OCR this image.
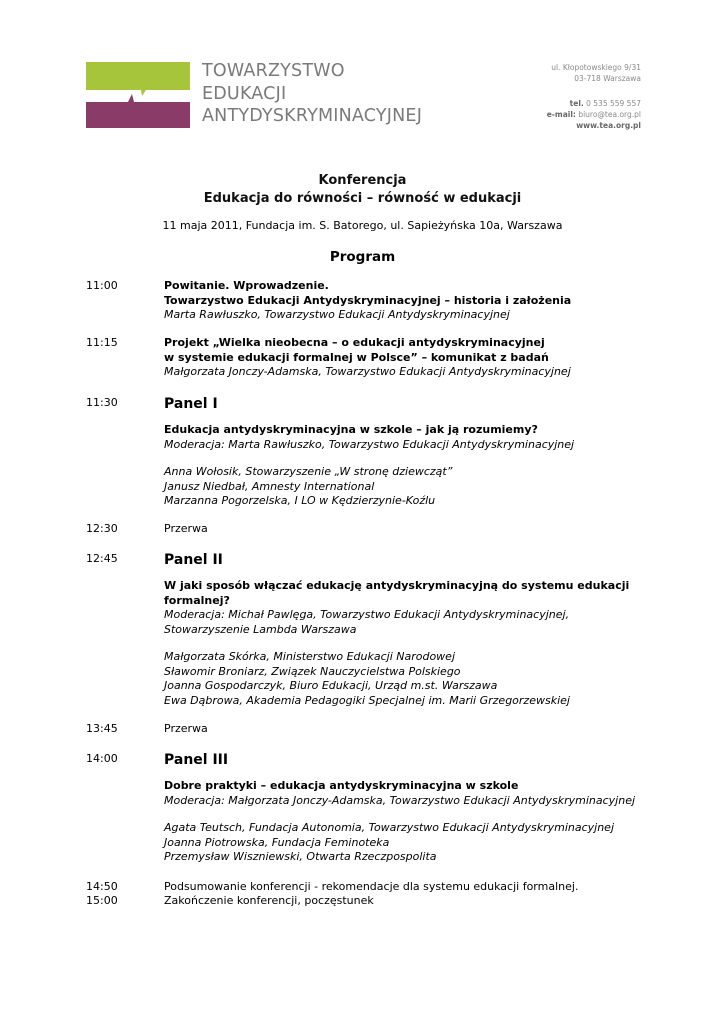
TOWARZYSTWO
EDUKACJI
ANTYDYSKRYMINACYJNEJ
ul. Kłopotowskiego 9/31
03-718 Warszawa
tel. 0 535 559 557
e-mail: biuro@tea.org.pl
www.tea.org.pl
Konferencja
Edukacja do równości – równość w edukacji
11 maja 2011, Fundacja im. S. Batorego, ul. Sapieżyńska 10a, Warszawa
Program
11:00	Powitanie. Wprowadzenie.
Towarzystwo Edukacji Antydyskryminacyjnej – historia i założenia
Marta Rawłuszko, Towarzystwo Edukacji Antydyskryminacyjnej
11:15	Projekt „Wielka nieobecna – o edukacji antydyskryminacyjnej
w systemie edukacji formalnej w Polsce” – komunikat z badań
Małgorzata Jonczy-Adamska, Towarzystwo Edukacji Antydyskryminacyjnej
11:30	Panel I
Edukacja antydyskryminacyjna w szkole – jak ją rozumiemy?
Moderacja: Marta Rawłuszko, Towarzystwo Edukacji Antydyskryminacyjnej
Anna Wołosik, Stowarzyszenie „W stronę dziewcząt”
Janusz Niedbał, Amnesty International
Marzanna Pogorzelska, I LO w Kędzierzynie-Koźlu
12:30	Przerwa
12:45	Panel II
W jaki sposób włączać edukację antydyskryminacyjną do systemu edukacji
formalnej?
Moderacja: Michał Pawlęga, Towarzystwo Edukacji Antydyskryminacyjnej,
Stowarzyszenie Lambda Warszawa
Małgorzata Skórka, Ministerstwo Edukacji Narodowej
Sławomir Broniarz, Związek Nauczycielstwa Polskiego
Joanna Gospodarczyk, Biuro Edukacji, Urząd m.st. Warszawa
Ewa Dąbrowa, Akademia Pedagogiki Specjalnej im. Marii Grzegorzewskiej
13:45	Przerwa
14:00	Panel III
Dobre praktyki – edukacja antydyskryminacyjna w szkole
Moderacja: Małgorzata Jonczy-Adamska, Towarzystwo Edukacji Antydyskryminacyjnej
Agata Teutsch, Fundacja Autonomia, Towarzystwo Edukacji Antydyskryminacyjnej
Joanna Piotrowska, Fundacja Feminoteka
Przemysław Wiszniewski, Otwarta Rzeczpospolita
14:50	Podsumowanie konferencji - rekomendacje dla systemu edukacji formalnej.
15:00	Zakończenie konferencji, poczęstunek
